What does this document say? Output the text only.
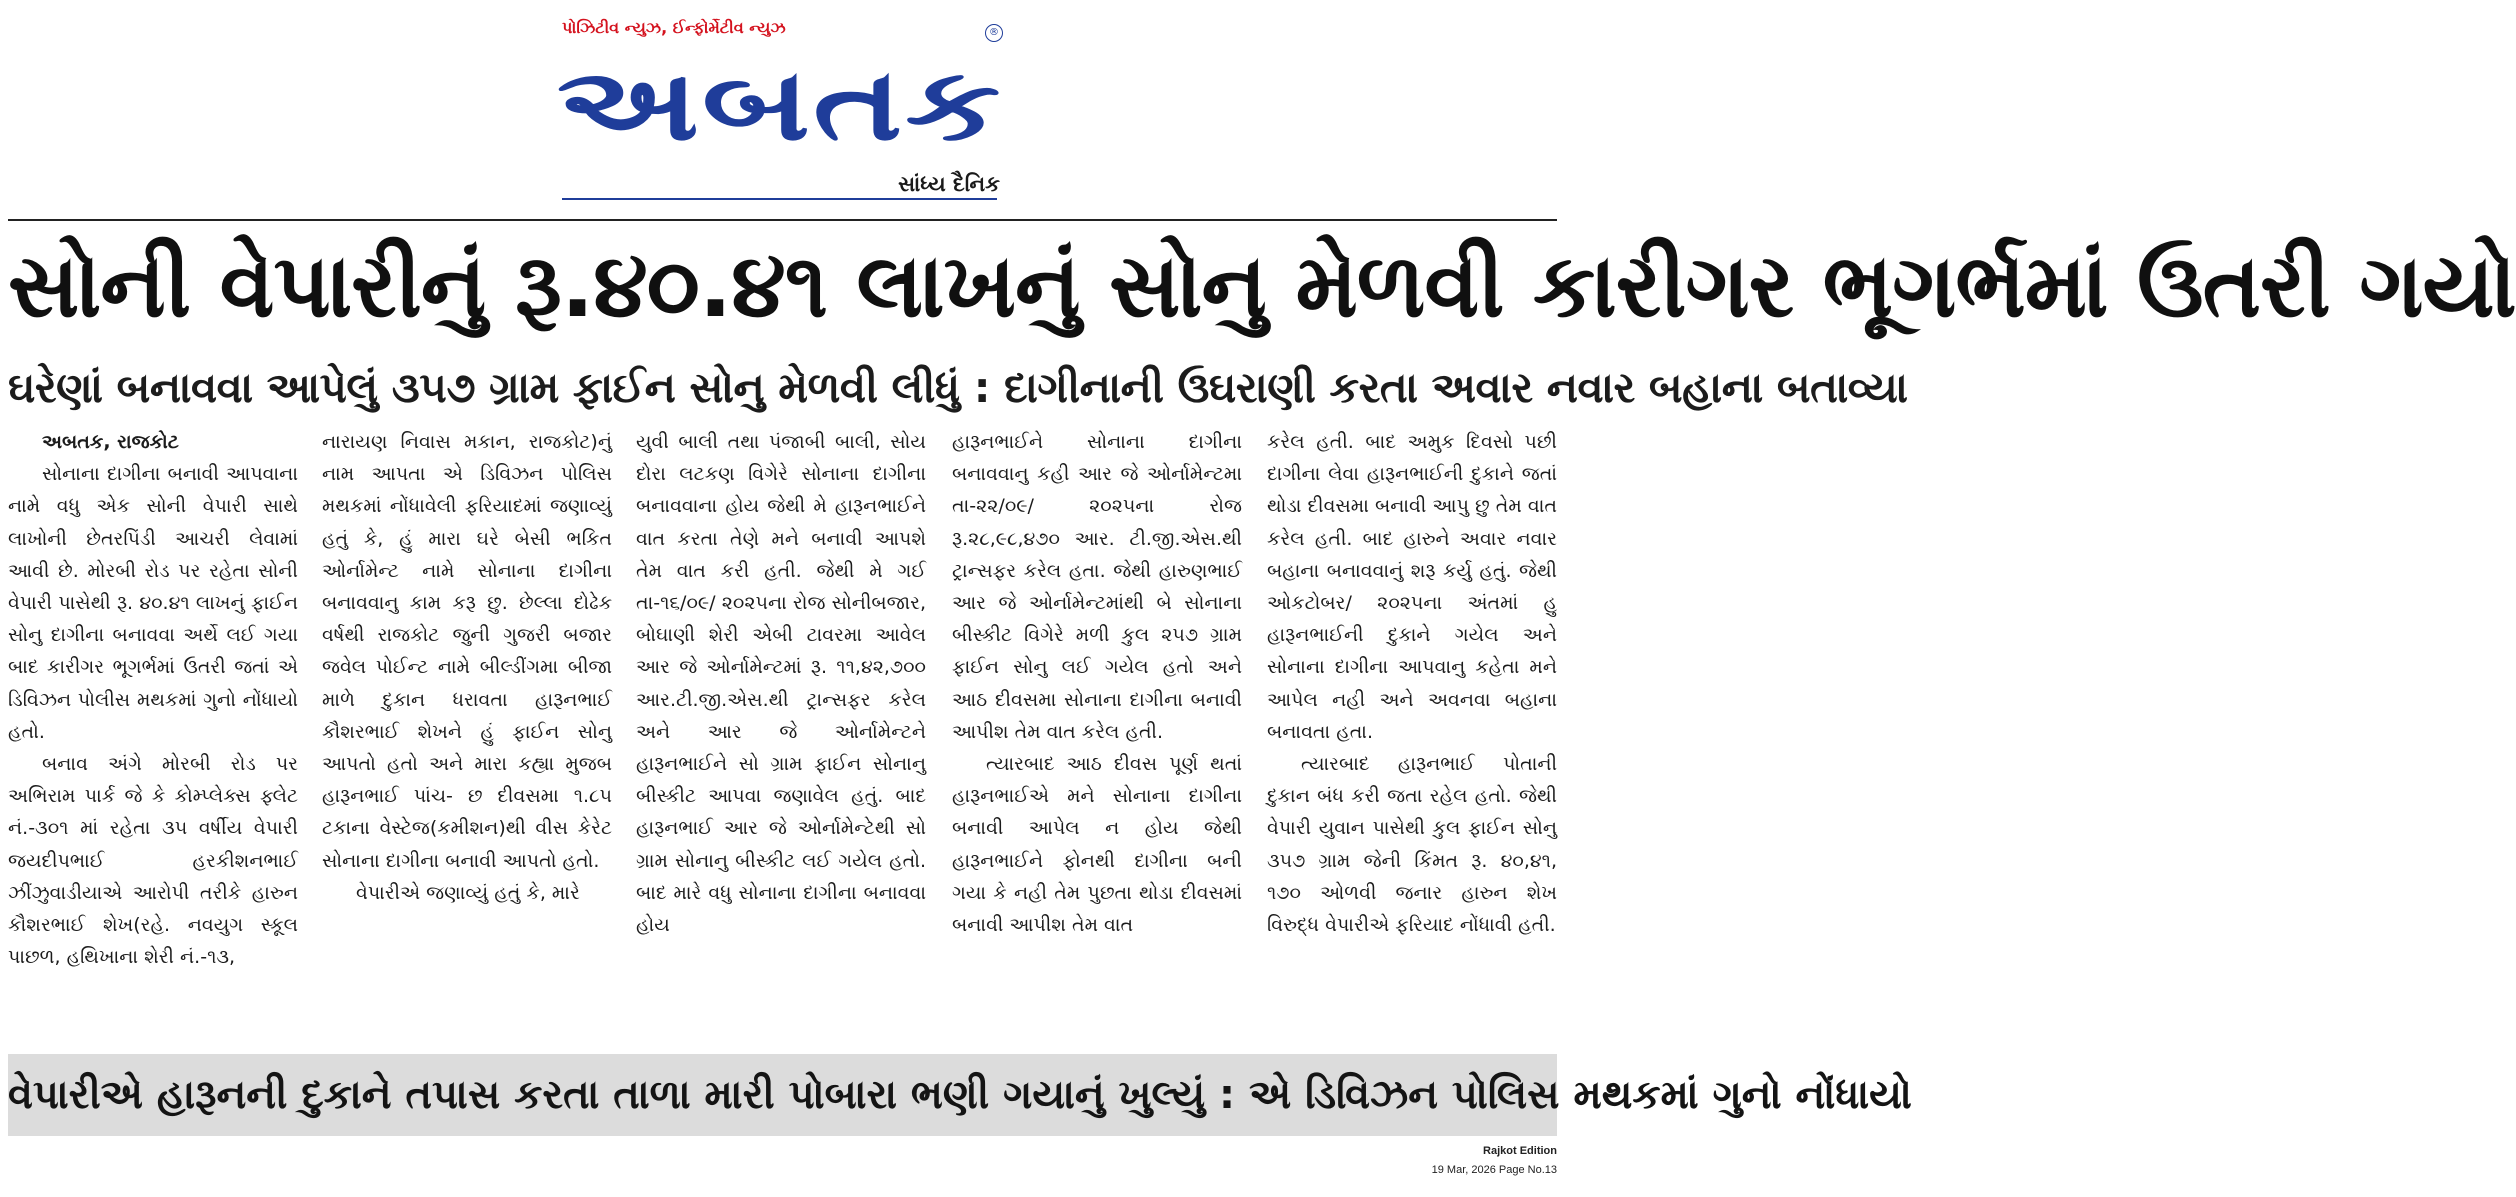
પોઝિટીવ ન્યુઝ, ઈન્ફોર્મેટીવ ન્યુઝ
અબતક
®
સાંધ્ય દૈનિક
સોની વેપારીનું રૂ.૪૦.૪૧ લાખનું સોનુ મેળવી કારીગર ભૂગર્ભમાં ઉતરી ગયો
ઘરેણાં બનાવવા આપેલું ૩૫૭ ગ્રામ ફાઈન સોનુ મેળવી લીધું : દાગીનાની ઉઘરાણી કરતા અવાર નવાર બહાના બતાવ્યા
અબતક, રાજકોટ

સોનાના દાગીના બનાવી આપવાના નામે વધુ એક સોની વેપારી સાથે લાખોની છેતરપિંડી આચરી લેવામાં આવી છે. મોરબી રોડ પર રહેતા સોની વેપારી પાસેથી રૂ. ૪૦.૪૧ લાખનું ફાઈન સોનુ દાગીના બનાવવા અર્થે લઈ ગયા બાદ કારીગર ભૂગર્ભમાં ઉતરી જતાં એ ડિવિઝન પોલીસ મથકમાં ગુનો નોંધાયો હતો.

બનાવ અંગે મોરબી રોડ પર અભિરામ પાર્ક જે કે કોમ્પ્લેક્સ ફ્લેટ નં.-૩૦૧ માં રહેતા ૩૫ વર્ષીય વેપારી જયદીપભાઈ હરકીશનભાઈ ઝીંઝુવાડીયાએ આરોપી તરીકે હારુન કૌશરભાઈ શેખ(રહે. નવયુગ સ્કૂલ પાછળ, હથિખાના શેરી નં.-૧૩,

નારાયણ નિવાસ મકાન, રાજકોટ)નું નામ આપતા એ ડિવિઝન પોલિસ મથકમાં નોંધાવેલી ફરિયાદમાં જણાવ્યું હતું કે, હું મારા ઘરે બેસી ભકિત ઓર્નામેન્ટ નામે સોનાના દાગીના બનાવવાનુ કામ કરૂ છુ. છેલ્લા દોઢેક વર્ષથી રાજકોટ જુની ગુજરી બજાર જવેલ પોઈન્ટ નામે બીલ્ડીંગમા બીજા માળે દુકાન ધરાવતા હારૂનભાઈ કૌશરભાઈ શેખને હું ફાઈન સોનુ આપતો હતો અને મારા કહ્યા મુજબ હારૂનભાઈ પાંચ- છ દીવસમા ૧.૮૫ ટકાના વેસ્ટેજ(કમીશન)થી વીસ કેરેટ સોનાના દાગીના બનાવી આપતો હતો.

વેપારીએ જણાવ્યું હતું કે, મારે

યુવી બાલી તથા પંજાબી બાલી, સોય દોરા લટકણ વિગેરે સોનાના દાગીના બનાવવાના હોય જેથી મે હારૂનભાઈને વાત કરતા તેણે મને બનાવી આપશે તેમ વાત કરી હતી. જેથી મે ગઈ તા-૧૬/૦૯/ ૨૦૨૫ના રોજ સોનીબજાર, બોઘાણી શેરી એબી ટાવરમા આવેલ આર જે ઓર્નામેન્ટમાં રૂ. ૧૧,૪૨,૭૦૦ આર.ટી.જી.એસ.થી ટ્રાન્સફર કરેલ અને આર જે ઓર્નામેન્ટને હારૂનભાઈને સો ગ્રામ ફાઈન સોનાનુ બીસ્કીટ આપવા જણાવેલ હતું. બાદ હારૂનભાઈ આર જે ઓર્નામેન્ટેથી સો ગ્રામ સોનાનુ બીસ્કીટ લઈ ગયેલ હતો. બાદ મારે વધુ સોનાના દાગીના બનાવવા હોય

હારૂનભાઈને સોનાના દાગીના બનાવવાનુ કહી આર જે ઓર્નામેન્ટમા તા-૨૨/૦૯/ ૨૦૨૫ના રોજ રૂ.૨૮,૯૮,૪૭૦ આર. ટી.જી.એસ.થી ટ્રાન્સફર કરેલ હતા. જેથી હારુણભાઈ આર જે ઓર્નામેન્ટમાંથી બે સોનાના બીસ્કીટ વિગેરે મળી કુલ ૨૫૭ ગ્રામ ફાઈન સોનુ લઈ ગયેલ હતો અને આઠ દીવસમા સોનાના દાગીના બનાવી આપીશ તેમ વાત કરેલ હતી.

ત્યારબાદ આઠ દીવસ પૂર્ણ થતાં હારૂનભાઈએ મને સોનાના દાગીના બનાવી આપેલ ન હોય જેથી હારૂનભાઈને ફોનથી દાગીના બની ગયા કે નહી તેમ પુછતા થોડા દીવસમાં બનાવી આપીશ તેમ વાત

કરેલ હતી. બાદ અમુક દિવસો પછી દાગીના લેવા હારૂનભાઈની દુકાને જતાં થોડા દીવસમા બનાવી આપુ છુ તેમ વાત કરેલ હતી. બાદ હારુને અવાર નવાર બહાના બનાવવાનું શરૂ કર્યુ હતું. જેથી ઓકટોબર/ ૨૦૨૫ના અંતમાં હુ હારૂનભાઈની દુકાને ગયેલ અને સોનાના દાગીના આપવાનુ કહેતા મને આપેલ નહી અને અવનવા બહાના બનાવતા હતા.

ત્યારબાદ હારૂનભાઈ પોતાની દુકાન બંધ કરી જતા રહેલ હતો. જેથી વેપારી યુવાન પાસેથી કુલ ફાઈન સોનુ ૩૫૭ ગ્રામ જેની કિંમત રૂ. ૪૦,૪૧, ૧૭૦ ઓળવી જનાર હારુન શેખ વિરુદ્ધ વેપારીએ ફરિયાદ નોંધાવી હતી.

વેપારીએ હારૂનની દુકાને તપાસ કરતા તાળા મારી પોબારા ભણી ગયાનું ખુલ્યું : એ ડિવિઝન પોલિસ મથકમાં ગુનો નોંધાયો
Rajkot Edition
19 Mar, 2026 Page No.13
